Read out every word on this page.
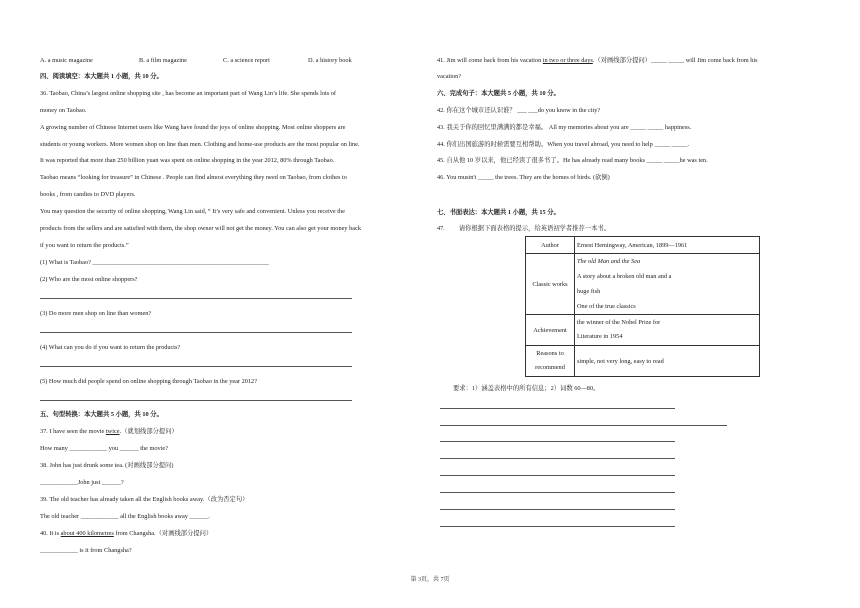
A. a music magazine	B. a film magazine	C. a science report	D. a history book
四、阅读填空：本大题共 1 小题，共 10 分。
36. Taobao, China’s largest online shopping site , has become an important part of Wang Lin’s life. She spends lots of
money on Taobao.
A growing number of Chinese Internet users like Wang have found the joys of online shopping. Most online shoppers are
students or young workers. More women shop on line than men. Clothing and home-use products are the most popular on line.
It was reported that more than 250 billion yuan was spent on online shopping in the year 2012, 80% through Taobao.
Taobao means “looking for treasure” in Chinese . People can find almost everything they need on Taobao, from clothes to
books , from candies to DVD players.
You may question the security of online shopping, Wang Lin said, “ It’s very safe and convenient. Unless you receive the
products from the sellers and are satisfied with them, the shop owner will not get the money. You can also get your money back
if you want to return the products.”
(1) What is Taobao? ________________________________________________________
(2) Who are the most online shoppers?
(3) Do more men shop on line than women?
(4) What can you do if you want to return the products?
(5) How much did people spend on online shopping through Taobao in the year 2012?
五、句型转换：本大题共 5 小题，共 10 分。
37. I have seen the movie twice.（就划线部分提问）
How many ____________ you ______ the movie?
38. John has just drunk some tea. (对画线部分提问)
____________John just ______?
39. The old teacher has already taken all the English books away.（改为否定句）
The old teacher ____________ all the English books away ______.
40. It is about 400 kilometres from Changsha.（对画线部分提问）
____________ is it from Changsha?
41. Jim will come back from his vacation in two or three days.（对画线部分提问）_____ _____ will Jim come back from his
vacation?
六、完成句子：本大题共 5 小题，共 10 分。
42. 你在这个城市还认识谁？ ___ ___do you know in the city?
43. 我关于你的回忆里满满的都是幸福。 All my memories about you are _____ _____ happiness.
44. 你们出国旅游的时候需要互相帮助。When you travel abroad, you need to help _____ _____.
45. 自从他 10 岁以来，他已经读了很多书了。He has already read many books _____ _____he was ten.
46. You mustn't _____ the trees. They are the homes of birds. (砍倒)
七、书面表达：本大题共 1 小题，共 15 分。
47. 请你根据下面表格的提示，给英语初学者推荐一本书。
Author	Ernest Hemingway, American, 1899—1961
Classic works	The old Man and the Sea
A story about a broken old man and a
huge fish
One of the true classics

Achievement	the winner of the Nobel Prize for
Literature in 1954

Reasons to recommend	simple, not very long, easy to read
要求：1）涵盖表格中的所有信息；2）词数 60—80。
第 3页，共 7页
